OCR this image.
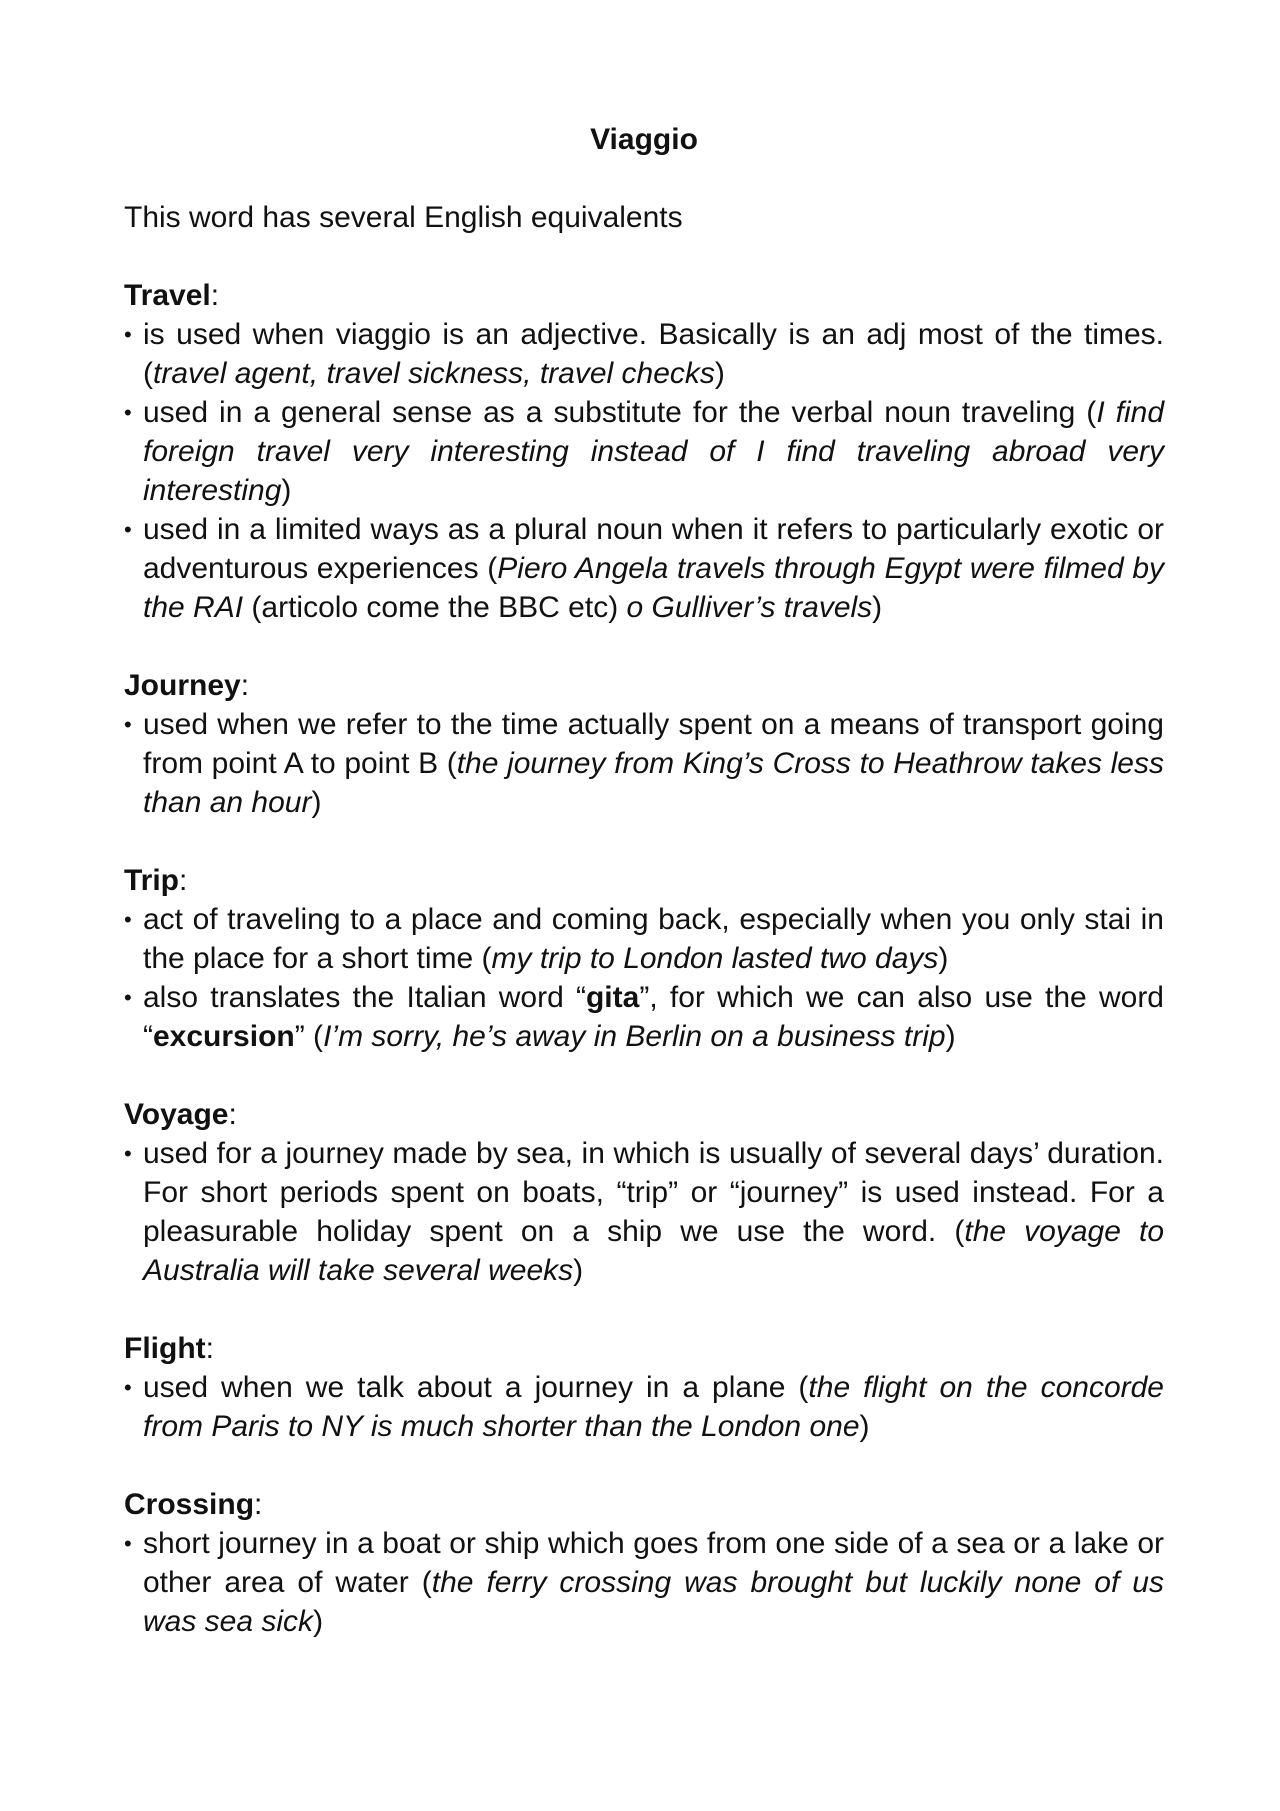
Viaggio

This word has several English equivalents

Travel:

• is used when viaggio is an adjective. Basically is an adj most of the times. (travel agent, travel sickness, travel checks)
• used in a general sense as a substitute for the verbal noun traveling (I find foreign travel very interesting instead of I find traveling abroad very interesting)
• used in a limited ways as a plural noun when it refers to particularly exotic or adventurous experiences (Piero Angela travels through Egypt were filmed by the RAI (articolo come the BBC etc) o Gulliver’s travels)

Journey:

• used when we refer to the time actually spent on a means of transport going from point A to point B (the journey from King’s Cross to Heathrow takes less than an hour)

Trip:

• act of traveling to a place and coming back, especially when you only stai in the place for a short time (my trip to London lasted two days)
• also translates the Italian word “gita”, for which we can also use the word “excursion” (I’m sorry, he’s away in Berlin on a business trip)

Voyage:

• used for a journey made by sea, in which is usually of several days’ duration. For short periods spent on boats, “trip” or “journey” is used instead. For a pleasurable holiday spent on a ship we use the word. (the voyage to Australia will take several weeks)

Flight:

• used when we talk about a journey in a plane (the flight on the concorde from Paris to NY is much shorter than the London one)

Crossing:

• short journey in a boat or ship which goes from one side of a sea or a lake or other area of water (the ferry crossing was brought but luckily none of us was sea sick)
